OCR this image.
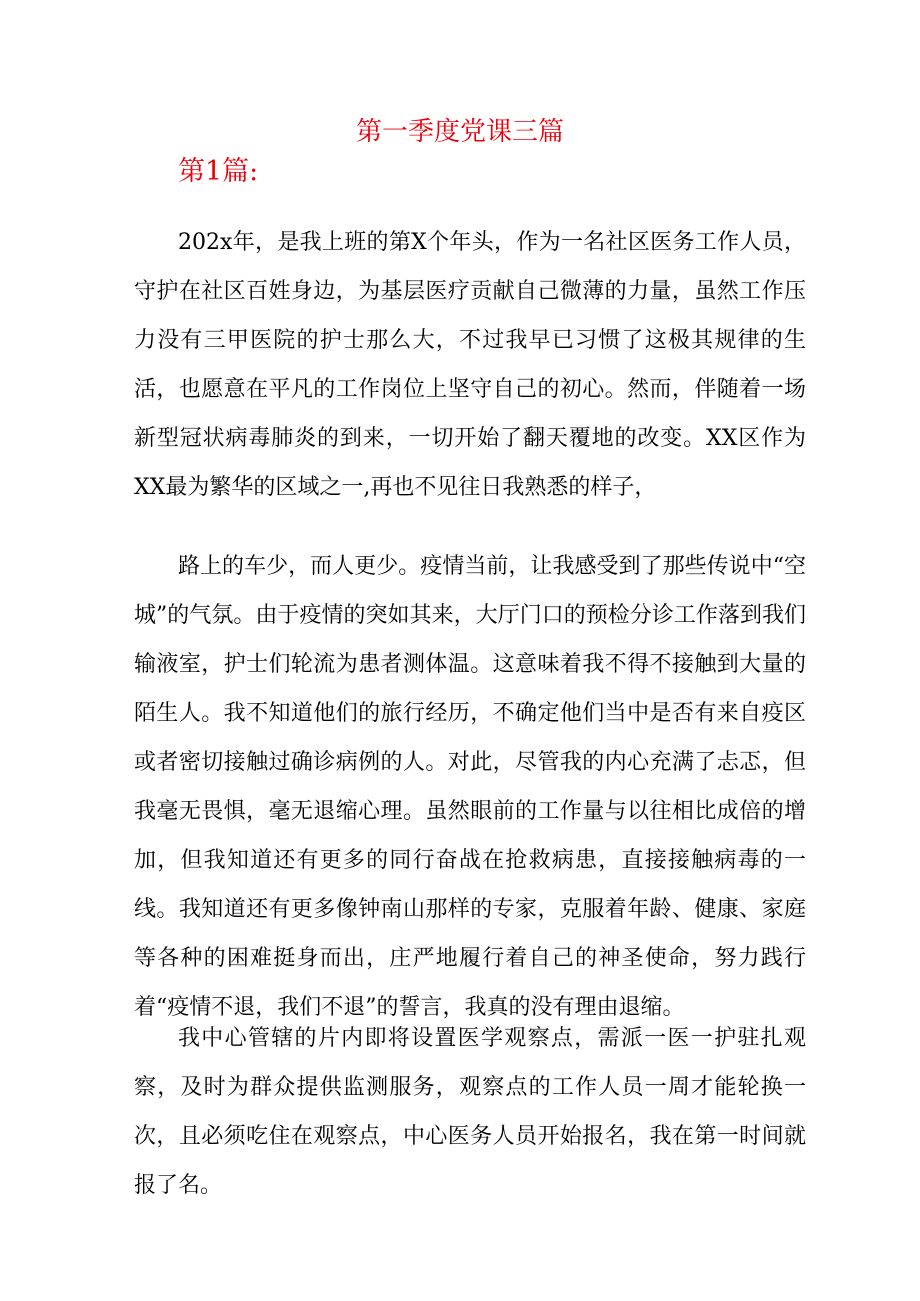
第一季度党课三篇
第1篇:

202x年，是我上班的第X个年头，作为一名社区医务工作人员，守护在社区百姓身边，为基层医疗贡献自己微薄的力量，虽然工作压力没有三甲医院的护士那么大，不过我早已习惯了这极其规律的生活，也愿意在平凡的工作岗位上坚守自己的初心。然而，伴随着一场新型冠状病毒肺炎的到来，一切开始了翻天覆地的改变。XX区作为XX最为繁华的区域之一,再也不见往日我熟悉的样子，

路上的车少，而人更少。疫情当前，让我感受到了那些传说中“空城”的气氛。由于疫情的突如其来，大厅门口的预检分诊工作落到我们输液室，护士们轮流为患者测体温。这意味着我不得不接触到大量的陌生人。我不知道他们的旅行经历，不确定他们当中是否有来自疫区或者密切接触过确诊病例的人。对此，尽管我的内心充满了忐忑，但我毫无畏惧，毫无退缩心理。虽然眼前的工作量与以往相比成倍的增加，但我知道还有更多的同行奋战在抢救病患，直接接触病毒的一线。我知道还有更多像钟南山那样的专家，克服着年龄、健康、家庭等各种的困难挺身而出，庄严地履行着自己的神圣使命，努力践行着“疫情不退，我们不退”的誓言，我真的没有理由退缩。

我中心管辖的片内即将设置医学观察点，需派一医一护驻扎观察，及时为群众提供监测服务，观察点的工作人员一周才能轮换一次，且必须吃住在观察点，中心医务人员开始报名，我在第一时间就报了名。
